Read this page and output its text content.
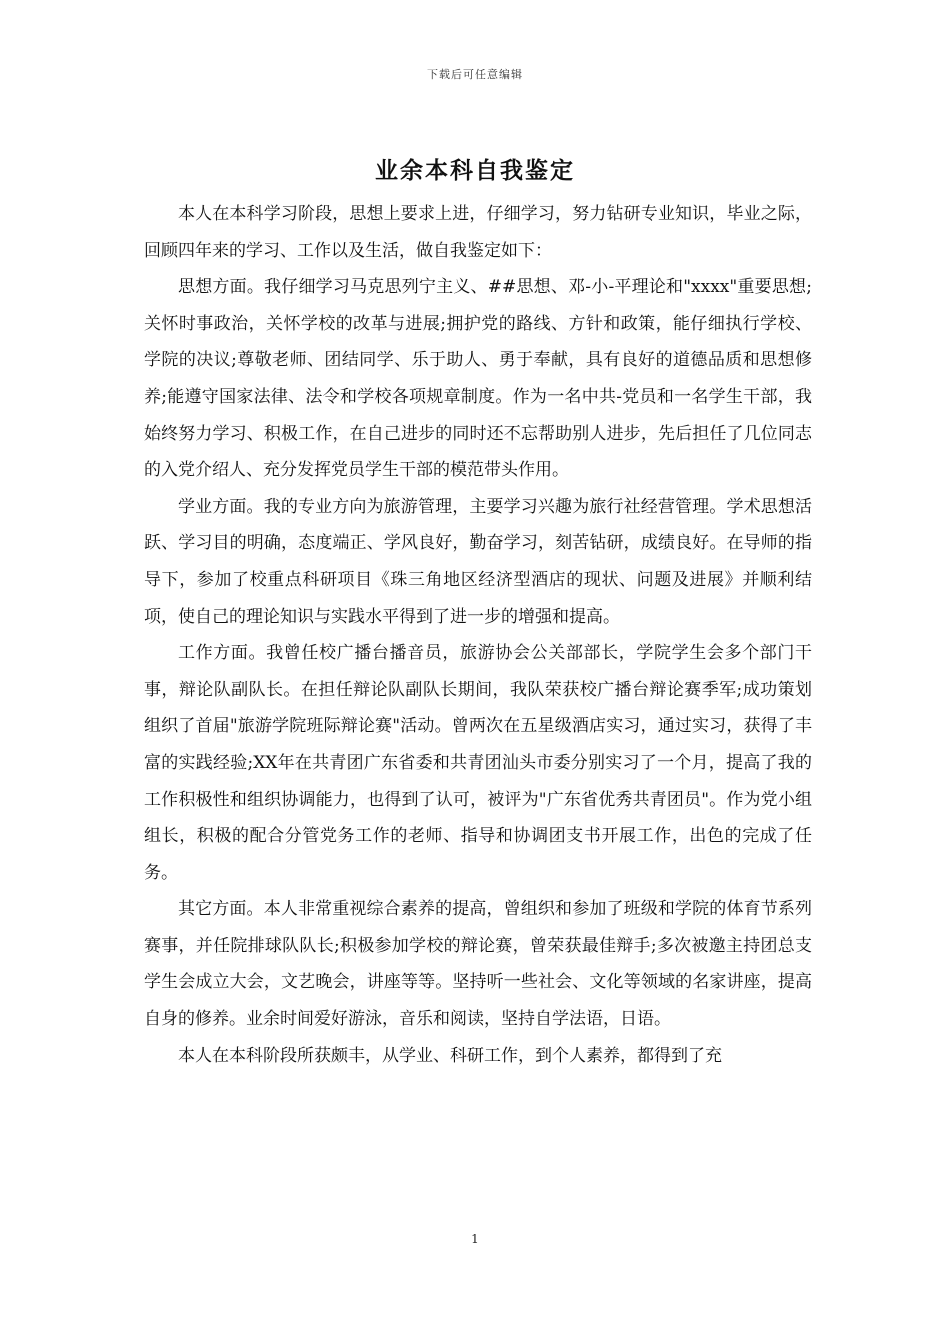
下载后可任意编辑
业余本科自我鉴定

本人在本科学习阶段，思想上要求上进，仔细学习，努力钻研专业知识，毕业之际，回顾四年来的学习、工作以及生活，做自我鉴定如下：

思想方面。我仔细学习马克思列宁主义、##思想、邓-小-平理论和"xxxx"重要思想;关怀时事政治，关怀学校的改革与进展;拥护党的路线、方针和政策，能仔细执行学校、学院的决议;尊敬老师、团结同学、乐于助人、勇于奉献，具有良好的道德品质和思想修养;能遵守国家法律、法令和学校各项规章制度。作为一名中共-党员和一名学生干部，我始终努力学习、积极工作，在自己进步的同时还不忘帮助别人进步，先后担任了几位同志的入党介绍人、充分发挥党员学生干部的模范带头作用。

学业方面。我的专业方向为旅游管理，主要学习兴趣为旅行社经营管理。学术思想活跃、学习目的明确，态度端正、学风良好，勤奋学习，刻苦钻研，成绩良好。在导师的指导下，参加了校重点科研项目《珠三角地区经济型酒店的现状、问题及进展》并顺利结项，使自己的理论知识与实践水平得到了进一步的增强和提高。

工作方面。我曾任校广播台播音员，旅游协会公关部部长，学院学生会多个部门干事，辩论队副队长。在担任辩论队副队长期间，我队荣获校广播台辩论赛季军;成功策划组织了首届"旅游学院班际辩论赛"活动。曾两次在五星级酒店实习，通过实习，获得了丰富的实践经验;XX年在共青团广东省委和共青团汕头市委分别实习了一个月，提高了我的工作积极性和组织协调能力，也得到了认可，被评为"广东省优秀共青团员"。作为党小组组长，积极的配合分管党务工作的老师、指导和协调团支书开展工作，出色的完成了任务。

其它方面。本人非常重视综合素养的提高，曾组织和参加了班级和学院的体育节系列赛事，并任院排球队队长;积极参加学校的辩论赛，曾荣获最佳辩手;多次被邀主持团总支学生会成立大会，文艺晚会，讲座等等。坚持听一些社会、文化等领域的名家讲座，提高自身的修养。业余时间爱好游泳，音乐和阅读，坚持自学法语，日语。

本人在本科阶段所获颇丰，从学业、科研工作，到个人素养，都得到了充

1
